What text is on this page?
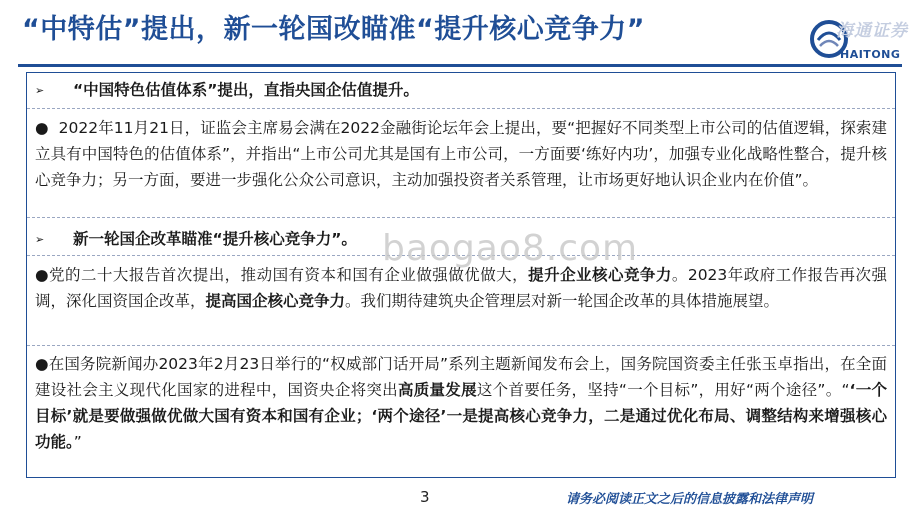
“中特估”提出，新一轮国改瞄准“提升核心竞争力”	海通证券
HAITONG
➢ “中国特色估值体系”提出，直指央国企估值提升。
● 2022年11月21日，证监会主席易会满在2022金融街论坛年会上提出，要“把握好不同类型上市公司的估值逻辑，探索建立具有中国特色的估值体系”，并指出“上市公司尤其是国有上市公司，一方面要‘练好内功’，加强专业化战略性整合，提升核心竞争力；另一方面，要进一步强化公众公司意识，主动加强投资者关系管理，让市场更好地认识企业内在价值”。
➢ 新一轮国企改革瞄准“提升核心竞争力”。
●党的二十大报告首次提出，推动国有资本和国有企业做强做优做大，提升企业核心竞争力。2023年政府工作报告再次强调，深化国资国企改革，提高国企核心竞争力。我们期待建筑央企管理层对新一轮国企改革的具体措施展望。
●在国务院新闻办2023年2月23日举行的“权威部门话开局”系列主题新闻发布会上，国务院国资委主任张玉卓指出，在全面建设社会主义现代化国家的进程中，国资央企将突出高质量发展这个首要任务，坚持“一个目标”，用好“两个途径”。“‘一个目标’就是要做强做优做大国有资本和国有企业；‘两个途径’一是提高核心竞争力，二是通过优化布局、调整结构来增强核心功能。”
baogao8.com
3	请务必阅读正文之后的信息披露和法律声明
